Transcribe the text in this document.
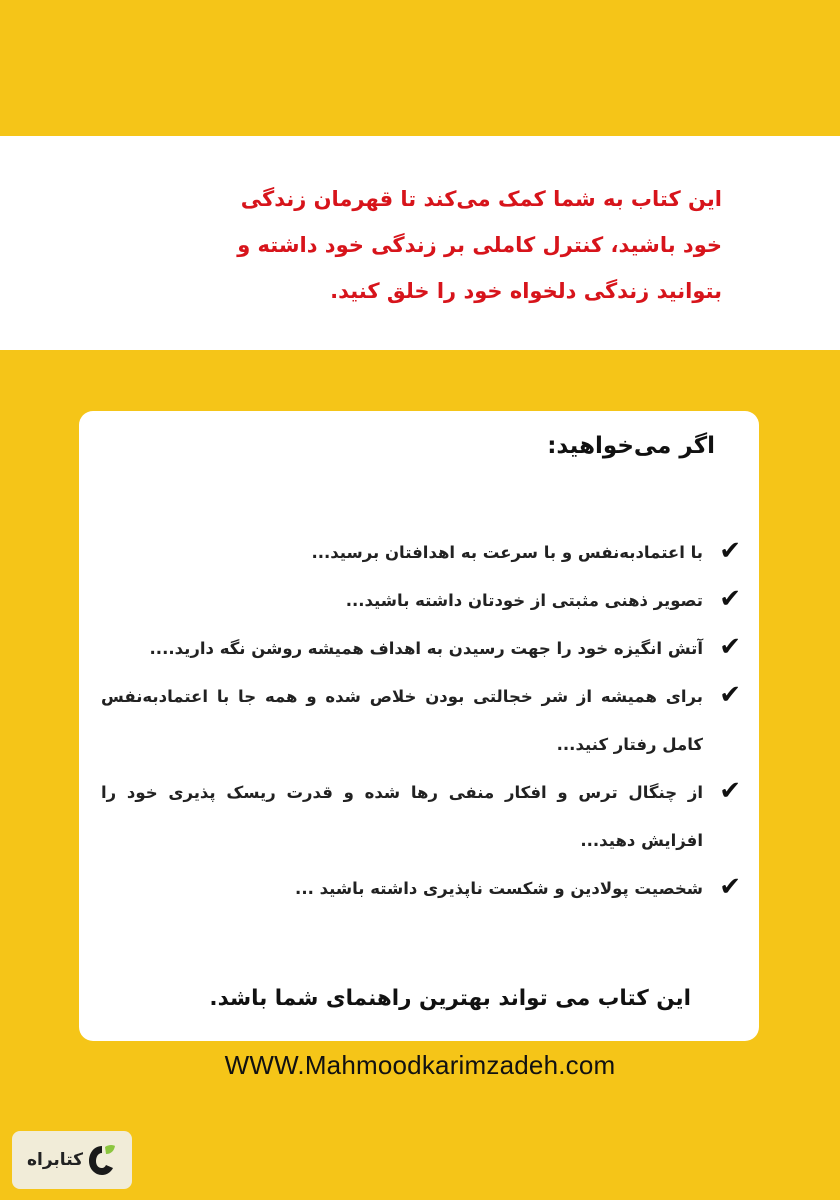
این کتاب به شما کمک می‌کند تا قهرمان زندگی
خود باشید، کنترل کاملی بر زندگی خود داشته و
بتوانید زندگی دلخواه خود را خلق کنید.
اگر می‌خواهید:
✔
با اعتمادبه‌نفس و با سرعت به اهدافتان برسید...
✔
تصویر ذهنی مثبتی از خودتان داشته باشید...
✔
آتش انگیزه خود را جهت رسیدن به اهداف همیشه روشن نگه دارید....
✔
برای همیشه از شر خجالتی بودن خلاص شده و همه جا با اعتمادبه‌نفس کامل رفتار کنید...
✔
از چنگال ترس و افکار منفی رها شده و قدرت ریسک پذیری خود را افزایش دهید...
✔
شخصیت پولادین و شکست ناپذیری داشته باشید ...
این کتاب می تواند بهترین راهنمای شما باشد.
WWW.Mahmoodkarimzadeh.com
کتابراه
